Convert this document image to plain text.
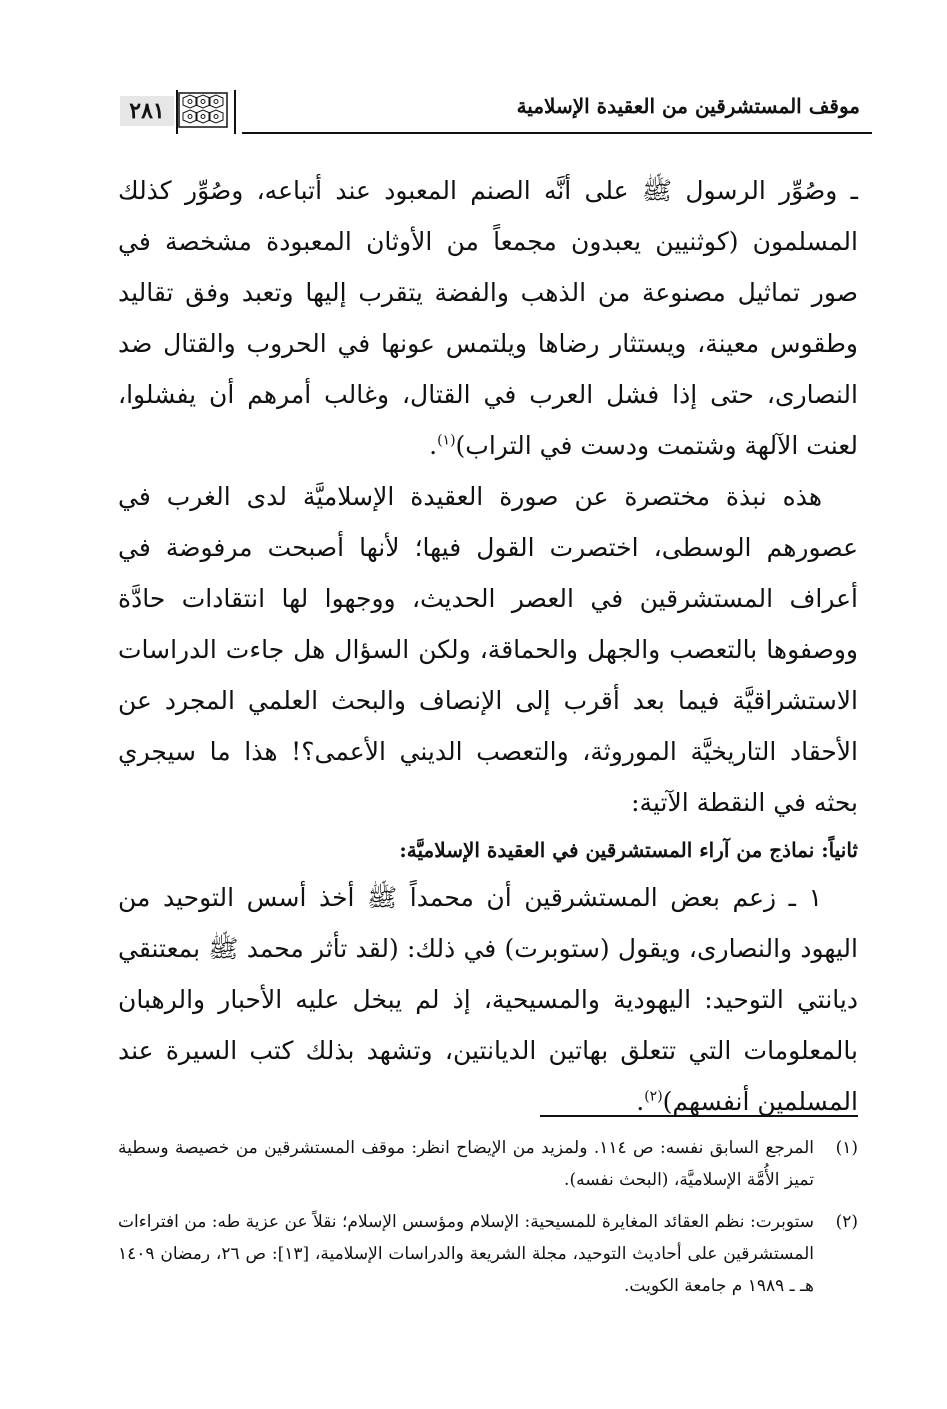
٢٨١	موقف المستشرقين من العقيدة الإسلامية

ـ وصُوِّر الرسول ﷺ على أنَّه الصنم المعبود عند أتباعه، وصُوِّر كذلك المسلمون (كوثنيين يعبدون مجمعاً من الأوثان المعبودة مشخصة في صور تماثيل مصنوعة من الذهب والفضة يتقرب إليها وتعبد وفق تقاليد وطقوس معينة، ويستثار رضاها ويلتمس عونها في الحروب والقتال ضد النصارى، حتى إذا فشل العرب في القتال، وغالب أمرهم أن يفشلوا، لعنت الآلهة وشتمت ودست في التراب)$^{(١)}$.

هذه نبذة مختصرة عن صورة العقيدة الإسلاميَّة لدى الغرب في عصورهم الوسطى، اختصرت القول فيها؛ لأنها أصبحت مرفوضة في أعراف المستشرقين في العصر الحديث، ووجهوا لها انتقادات حادَّة ووصفوها بالتعصب والجهل والحماقة، ولكن السؤال هل جاءت الدراسات الاستشراقيَّة فيما بعد أقرب إلى الإنصاف والبحث العلمي المجرد عن الأحقاد التاريخيَّة الموروثة، والتعصب الديني الأعمى؟! هذا ما سيجري بحثه في النقطة الآتية:

ثانياً: نماذج من آراء المستشرقين في العقيدة الإسلاميَّة:

١ ـ زعم بعض المستشرقين أن محمداً ﷺ أخذ أسس التوحيد من اليهود والنصارى، ويقول (ستوبرت) في ذلك: (لقد تأثر محمد ﷺ بمعتنقي ديانتي التوحيد: اليهودية والمسيحية، إذ لم يبخل عليه الأحبار والرهبان بالمعلومات التي تتعلق بهاتين الديانتين، وتشهد بذلك كتب السيرة عند المسلمين أنفسهم)$^{(٢)}$.

(١)
المرجع السابق نفسه: ص ١١٤. ولمزيد من الإيضاح انظر: موقف المستشرقين من خصيصة وسطية تميز الأُمَّة الإسلاميَّة، (البحث نفسه).
(٢)
ستوبرت: نظم العقائد المغايرة للمسيحية: الإسلام ومؤسس الإسلام؛ نقلاً عن عزية طه: من افتراءات المستشرقين على أحاديث التوحيد، مجلة الشريعة والدراسات الإسلامية، [١٣]: ص ٢٦، رمضان ١٤٠٩ هـ ـ ١٩٨٩ م جامعة الكويت.
